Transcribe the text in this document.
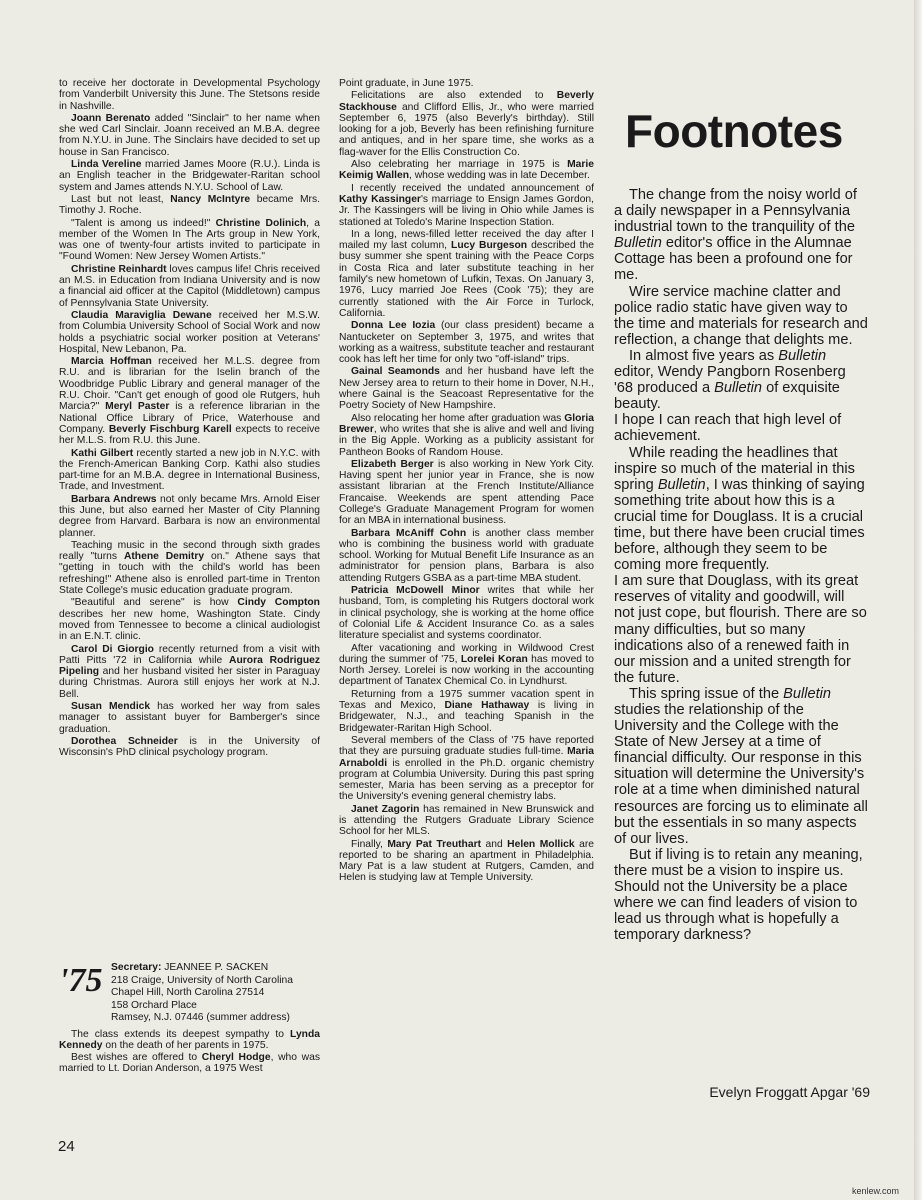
to receive her doctorate in Developmental Psychology from Vanderbilt University this June. The Stetsons reside in Nashville.

Joann Berenato added "Sinclair" to her name when she wed Carl Sinclair. Joann received an M.B.A. degree from N.Y.U. in June. The Sinclairs have decided to set up house in San Francisco.

Linda Vereline married James Moore (R.U.). Linda is an English teacher in the Bridgewater-Raritan school system and James attends N.Y.U. School of Law.

Last but not least, Nancy McIntyre became Mrs. Timothy J. Roche.

"Talent is among us indeed!" Christine Dolinich, a member of the Women In The Arts group in New York, was one of twenty-four artists invited to participate in "Found Women: New Jersey Women Artists."

Christine Reinhardt loves campus life! Chris received an M.S. in Education from Indiana University and is now a financial aid officer at the Capitol (Middletown) campus of Pennsylvania State University.

Claudia Maraviglia Dewane received her M.S.W. from Columbia University School of Social Work and now holds a psychiatric social worker position at Veterans' Hospital, New Lebanon, Pa.

Marcia Hoffman received her M.L.S. degree from R.U. and is librarian for the Iselin branch of the Woodbridge Public Library and general manager of the R.U. Choir. "Can't get enough of good ole Rutgers, huh Marcia?" Meryl Paster is a reference librarian in the National Office Library of Price, Waterhouse and Company. Beverly Fischburg Karell expects to receive her M.L.S. from R.U. this June.

Kathi Gilbert recently started a new job in N.Y.C. with the French-American Banking Corp. Kathi also studies part-time for an M.B.A. degree in International Business, Trade, and Investment.

Barbara Andrews not only became Mrs. Arnold Eiser this June, but also earned her Master of City Planning degree from Harvard. Barbara is now an environmental planner.

Teaching music in the second through sixth grades really "turns Athene Demitry on." Athene says that "getting in touch with the child's world has been refreshing!" Athene also is enrolled part-time in Trenton State College's music education graduate program.

"Beautiful and serene" is how Cindy Compton describes her new home, Washington State. Cindy moved from Tennessee to become a clinical audiologist in an E.N.T. clinic.

Carol Di Giorgio recently returned from a visit with Patti Pitts '72 in California while Aurora Rodriguez Pipeling and her husband visited her sister in Paraguay during Christmas. Aurora still enjoys her work at N.J. Bell.

Susan Mendick has worked her way from sales manager to assistant buyer for Bamberger's since graduation.

Dorothea Schneider is in the University of Wisconsin's PhD clinical psychology program.

'75 Secretary: JEANNEE P. SACKEN
218 Craige, University of North Carolina
Chapel Hill, North Carolina 27514
158 Orchard Place
Ramsey, N.J. 07446 (summer address)

The class extends its deepest sympathy to Lynda Kennedy on the death of her parents in 1975.

Best wishes are offered to Cheryl Hodge, who was married to Lt. Dorian Anderson, a 1975 West

Point graduate, in June 1975.

Felicitations are also extended to Beverly Stackhouse and Clifford Ellis, Jr., who were married September 6, 1975 (also Beverly's birthday). Still looking for a job, Beverly has been refinishing furniture and antiques, and in her spare time, she works as a flag-waver for the Ellis Construction Co.

Also celebrating her marriage in 1975 is Marie Keimig Wallen, whose wedding was in late December.

I recently received the undated announcement of Kathy Kassinger's marriage to Ensign James Gordon, Jr. The Kassingers will be living in Ohio while James is stationed at Toledo's Marine Inspection Station.

In a long, news-filled letter received the day after I mailed my last column, Lucy Burgeson described the busy summer she spent training with the Peace Corps in Costa Rica and later substitute teaching in her family's new hometown of Lufkin, Texas. On January 3, 1976, Lucy married Joe Rees (Cook '75); they are currently stationed with the Air Force in Turlock, California.

Donna Lee Iozia (our class president) became a Nantucketer on September 3, 1975, and writes that working as a waitress, substitute teacher and restaurant cook has left her time for only two "off-island" trips.

Gainal Seamonds and her husband have left the New Jersey area to return to their home in Dover, N.H., where Gainal is the Seacoast Representative for the Poetry Society of New Hampshire.

Also relocating her home after graduation was Gloria Brewer, who writes that she is alive and well and living in the Big Apple. Working as a publicity assistant for Pantheon Books of Random House.

Elizabeth Berger is also working in New York City. Having spent her junior year in France, she is now assistant librarian at the French Institute/Alliance Francaise. Weekends are spent attending Pace College's Graduate Management Program for women for an MBA in international business.

Barbara McAniff Cohn is another class member who is combining the business world with graduate school. Working for Mutual Benefit Life Insurance as an administrator for pension plans, Barbara is also attending Rutgers GSBA as a part-time MBA student.

Patricia McDowell Minor writes that while her husband, Tom, is completing his Rutgers doctoral work in clinical psychology, she is working at the home office of Colonial Life & Accident Insurance Co. as a sales literature specialist and systems coordinator.

After vacationing and working in Wildwood Crest during the summer of '75, Lorelei Koran has moved to North Jersey. Lorelei is now working in the accounting department of Tanatex Chemical Co. in Lyndhurst.

Returning from a 1975 summer vacation spent in Texas and Mexico, Diane Hathaway is living in Bridgewater, N.J., and teaching Spanish in the Bridgewater-Raritan High School.

Several members of the Class of '75 have reported that they are pursuing graduate studies full-time. Maria Arnaboldi is enrolled in the Ph.D. organic chemistry program at Columbia University. During this past spring semester, Maria has been serving as a preceptor for the University's evening general chemistry labs.

Janet Zagorin has remained in New Brunswick and is attending the Rutgers Graduate Library Science School for her MLS.

Finally, Mary Pat Treuthart and Helen Mollick are reported to be sharing an apartment in Philadelphia. Mary Pat is a law student at Rutgers, Camden, and Helen is studying law at Temple University.

Footnotes

The change from the noisy world of a daily newspaper in a Pennsylvania industrial town to the tranquility of the Bulletin editor's office in the Alumnae Cottage has been a profound one for me.

Wire service machine clatter and police radio static have given way to the time and materials for research and reflection, a change that delights me.

In almost five years as Bulletin editor, Wendy Pangborn Rosenberg '68 produced a Bulletin of exquisite beauty.

I hope I can reach that high level of achievement.

While reading the headlines that inspire so much of the material in this spring Bulletin, I was thinking of saying something trite about how this is a crucial time for Douglass. It is a crucial time, but there have been crucial times before, although they seem to be coming more frequently.

I am sure that Douglass, with its great reserves of vitality and goodwill, will not just cope, but flourish. There are so many difficulties, but so many indications also of a renewed faith in our mission and a united strength for the future.

This spring issue of the Bulletin studies the relationship of the University and the College with the State of New Jersey at a time of financial difficulty. Our response in this situation will determine the University's role at a time when diminished natural resources are forcing us to eliminate all but the essentials in so many aspects of our lives.

But if living is to retain any meaning, there must be a vision to inspire us. Should not the University be a place where we can find leaders of vision to lead us through what is hopefully a temporary darkness?

Evelyn Froggatt Apgar '69
24
kenlew.com
